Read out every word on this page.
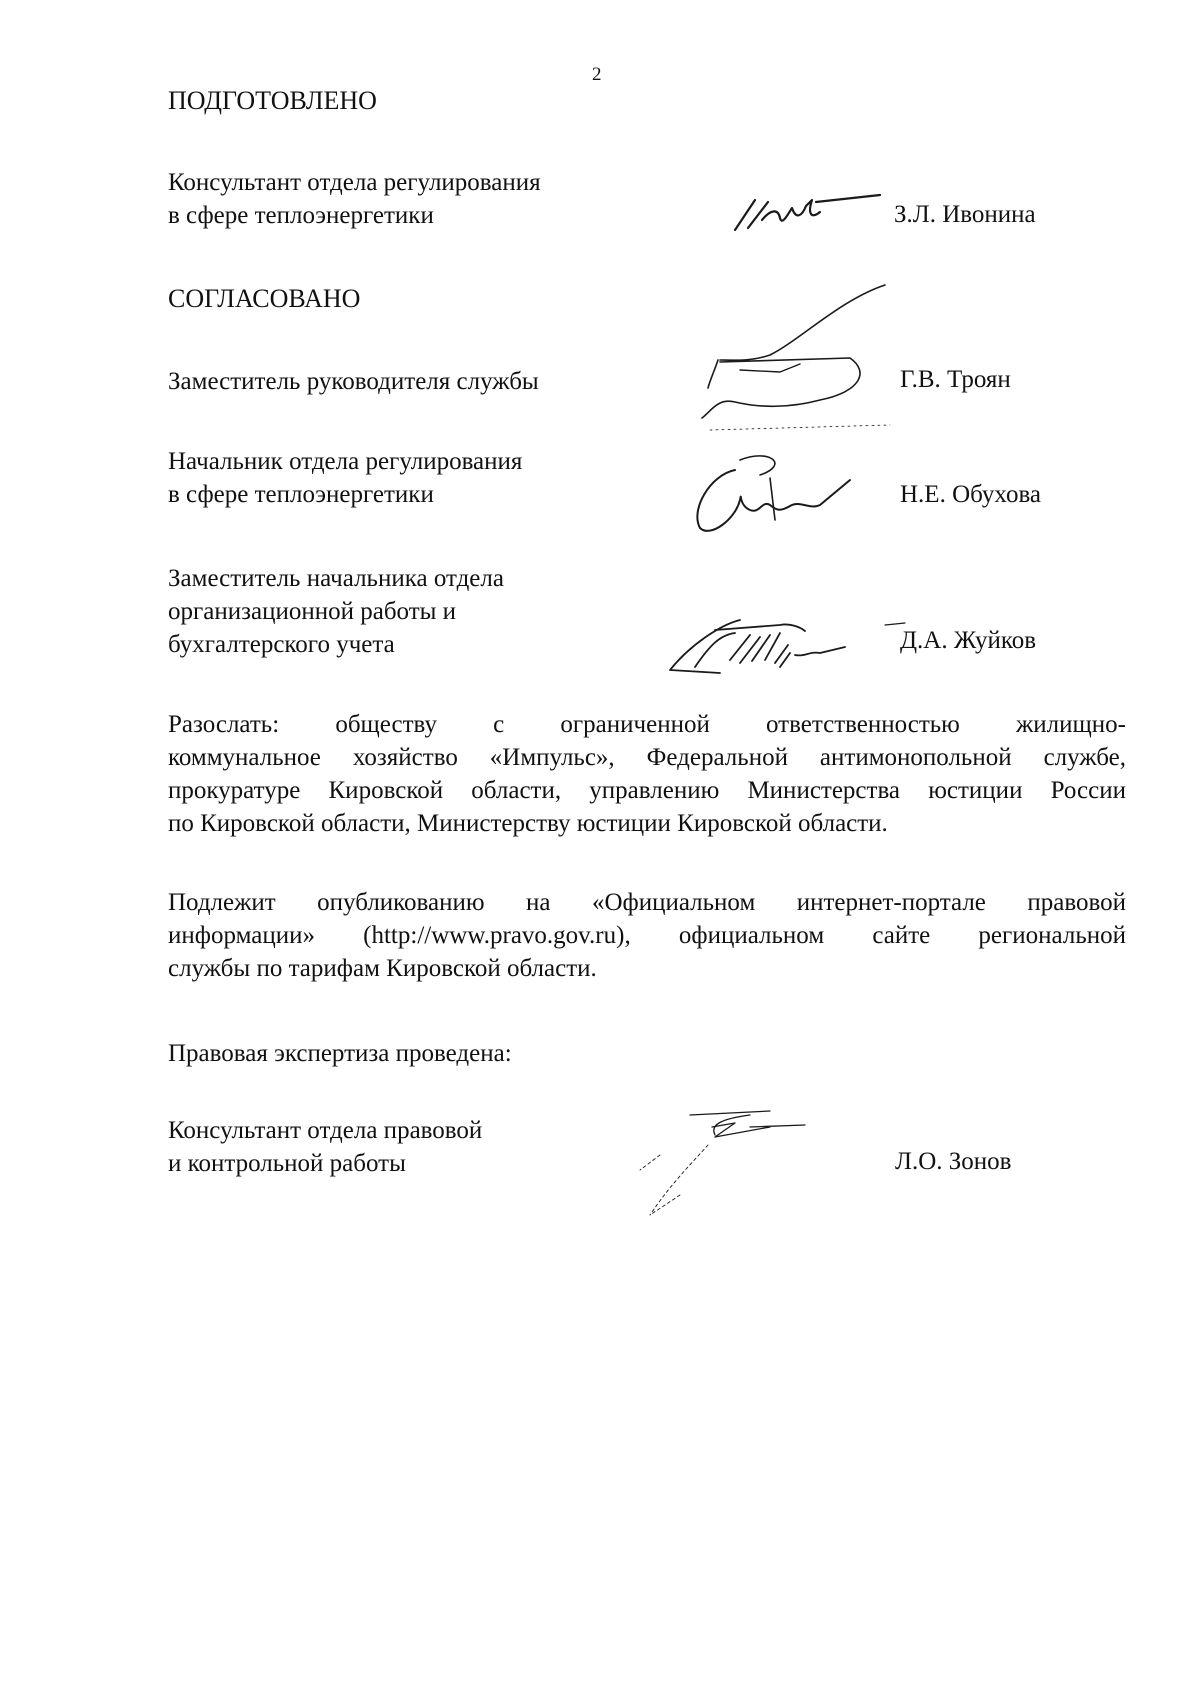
2
ПОДГОТОВЛЕНО
Консультант отдела регулирования
в сфере теплоэнергетики	З.Л. Ивонина
СОГЛАСОВАНО
Заместитель руководителя службы	Г.В. Троян
Начальник отдела регулирования
в сфере теплоэнергетики	Н.Е. Обухова
Заместитель начальника отдела
организационной работы и
бухгалтерского учета	Д.А. Жуйков
Разослать: обществу с ограниченной ответственностью жилищно-
коммунальное хозяйство «Импульс», Федеральной антимонопольной службе,
прокуратуре Кировской области, управлению Министерства юстиции России
по Кировской области, Министерству юстиции Кировской области.
Подлежит опубликованию на «Официальном интернет-портале правовой
информации» (http://www.pravo.gov.ru), официальном сайте региональной
службы по тарифам Кировской области.
Правовая экспертиза проведена:
Консультант отдела правовой
и контрольной работы	Л.О. Зонов
